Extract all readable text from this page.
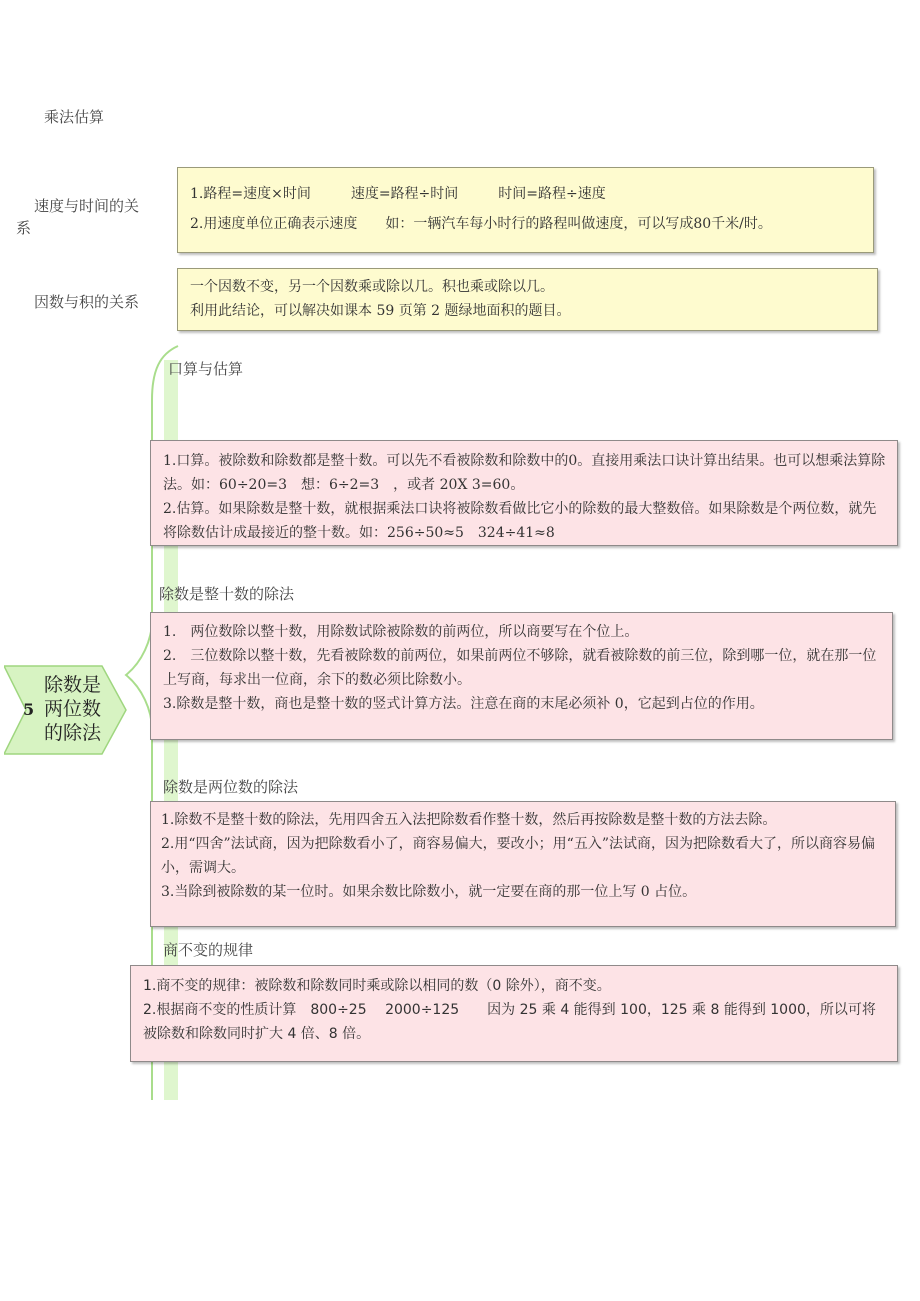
乘法估算
速度与时间的关
系
1.路程=速度×时间	速度=路程÷时间	时间=路程÷速度
2.用速度单位正确表示速度　　如：一辆汽车每小时行的路程叫做速度，可以写成80千米/时。
因数与积的关系
一个因数不变，另一个因数乘或除以几。积也乘或除以几。
利用此结论，可以解决如课本 59 页第 2 题绿地面积的题目。
5
除数是
两位数
的除法
口算与估算
1.口算。被除数和除数都是整十数。可以先不看被除数和除数中的0。直接用乘法口诀计算出结果。也可以想乘法算除法。如：60÷20=3　想：6÷2=3　，或者 20X 3=60。
2.估算。如果除数是整十数，就根据乘法口诀将被除数看做比它小的除数的最大整数倍。如果除数是个两位数，就先将除数估计成最接近的整十数。如：256÷50≈5　324÷41≈8
除数是整十数的除法
1.　两位数除以整十数，用除数试除被除数的前两位，所以商要写在个位上。
2.　三位数除以整十数，先看被除数的前两位，如果前两位不够除，就看被除数的前三位，除到哪一位，就在那一位上写商，每求出一位商，余下的数必须比除数小。
3.除数是整十数，商也是整十数的竖式计算方法。注意在商的末尾必须补 0，它起到占位的作用。
除数是两位数的除法
1.除数不是整十数的除法，先用四舍五入法把除数看作整十数，然后再按除数是整十数的方法去除。
2.用“四舍”法试商，因为把除数看小了，商容易偏大，要改小；用“五入”法试商，因为把除数看大了，所以商容易偏小，需调大。
3.当除到被除数的某一位时。如果余数比除数小，就一定要在商的那一位上写 0 占位。
商不变的规律
1.商不变的规律：被除数和除数同时乘或除以相同的数（0 除外），商不变。
2.根据商不变的性质计算　800÷25　 2000÷125　　因为 25 乘 4 能得到 100，125 乘 8 能得到 1000，所以可将被除数和除数同时扩大 4 倍、8 倍。
